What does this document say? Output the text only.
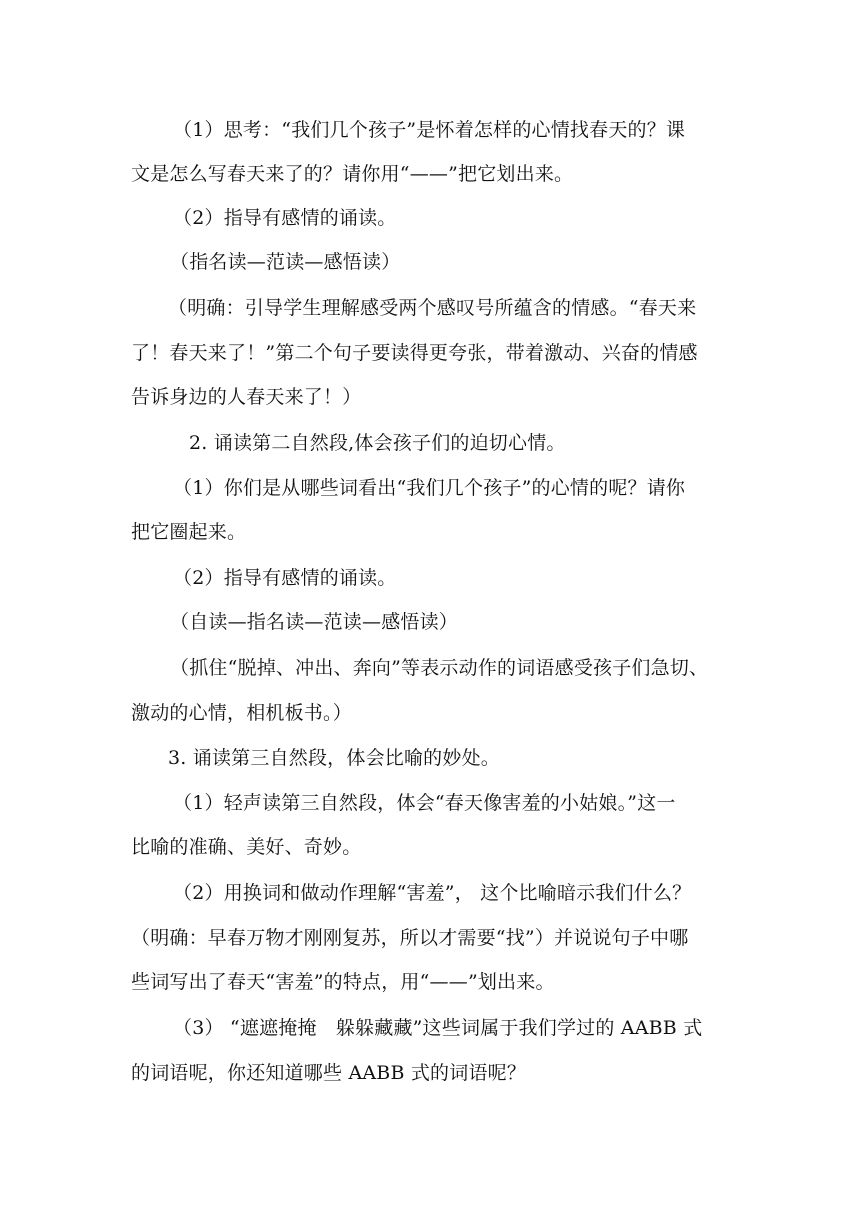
（1）思考：“我们几个孩子”是怀着怎样的心情找春天的？课
文是怎么写春天来了的？请你用“——”把它划出来。
（2）指导有感情的诵读。
（指名读—范读—感悟读）
（明确：引导学生理解感受两个感叹号所蕴含的情感。“春天来
了！春天来了！”第二个句子要读得更夸张，带着激动、兴奋的情感
告诉身边的人春天来了！）
2. 诵读第二自然段,体会孩子们的迫切心情。
（1）你们是从哪些词看出“我们几个孩子”的心情的呢？请你
把它圈起来。
（2）指导有感情的诵读。
（自读—指名读—范读—感悟读）
（抓住“脱掉、冲出、奔向”等表示动作的词语感受孩子们急切、
激动的心情，相机板书。）
3. 诵读第三自然段，体会比喻的妙处。
（1）轻声读第三自然段，体会“春天像害羞的小姑娘。”这一
比喻的准确、美好、奇妙。
（2）用换词和做动作理解“害羞”， 这个比喻暗示我们什么？
（明确：早春万物才刚刚复苏，所以才需要“找”）并说说句子中哪
些词写出了春天“害羞”的特点，用“——”划出来。
（3） “遮遮掩掩　躲躲藏藏”这些词属于我们学过的 AABB 式
的词语呢，你还知道哪些 AABB 式的词语呢？
